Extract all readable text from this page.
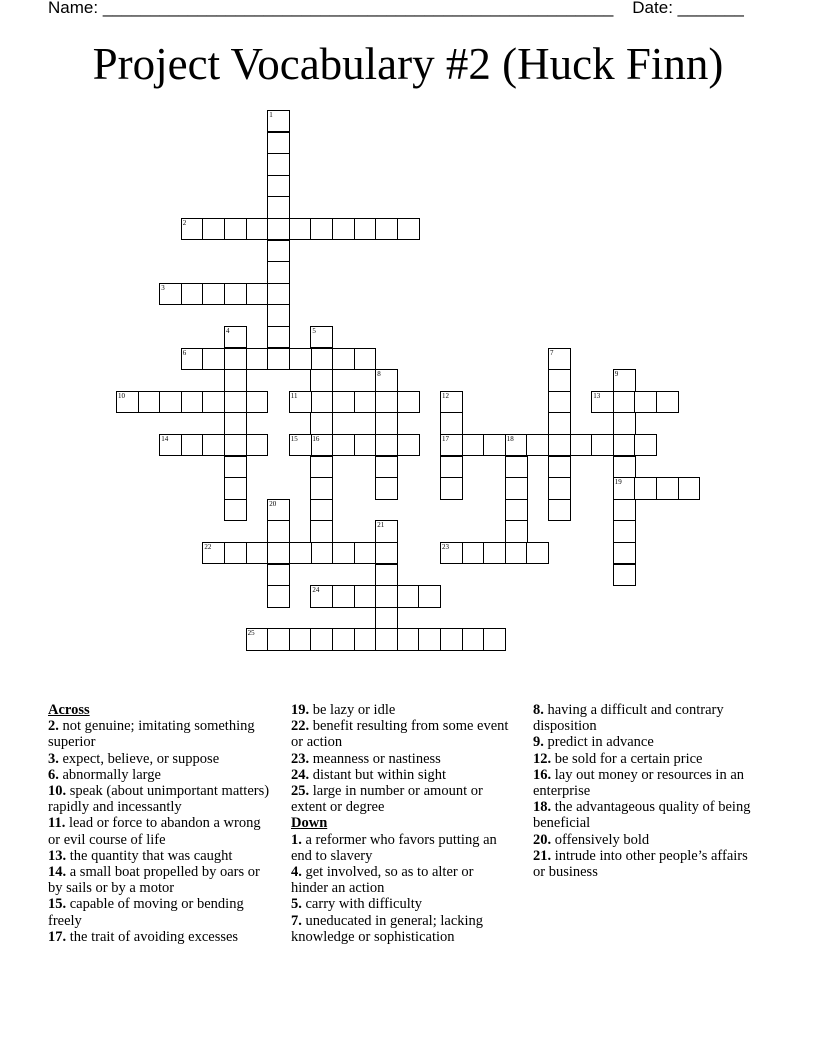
Name: ______________________________________________________ Date: _______
Project Vocabulary #2 (Huck Finn)
1
2
3
4	5
16
6	7
8	9
19
10	11	12
17
13
14	15	18
20
21
22	23
24
25
Across
2. not genuine; imitating something superior
3. expect, believe, or suppose
6. abnormally large
10. speak (about unimportant matters) rapidly and incessantly
11. lead or force to abandon a wrong or evil course of life
13. the quantity that was caught
14. a small boat propelled by oars or by sails or by a motor
15. capable of moving or bending freely
17. the trait of avoiding excesses
19. be lazy or idle
22. benefit resulting from some event or action
23. meanness or nastiness
24. distant but within sight
25. large in number or amount or extent or degree
Down
1. a reformer who favors putting an end to slavery
4. get involved, so as to alter or hinder an action
5. carry with difficulty
7. uneducated in general; lacking knowledge or sophistication
8. having a difficult and contrary disposition
9. predict in advance
12. be sold for a certain price
16. lay out money or resources in an enterprise
18. the advantageous quality of being beneficial
20. offensively bold
21. intrude into other people’s affairs or business
